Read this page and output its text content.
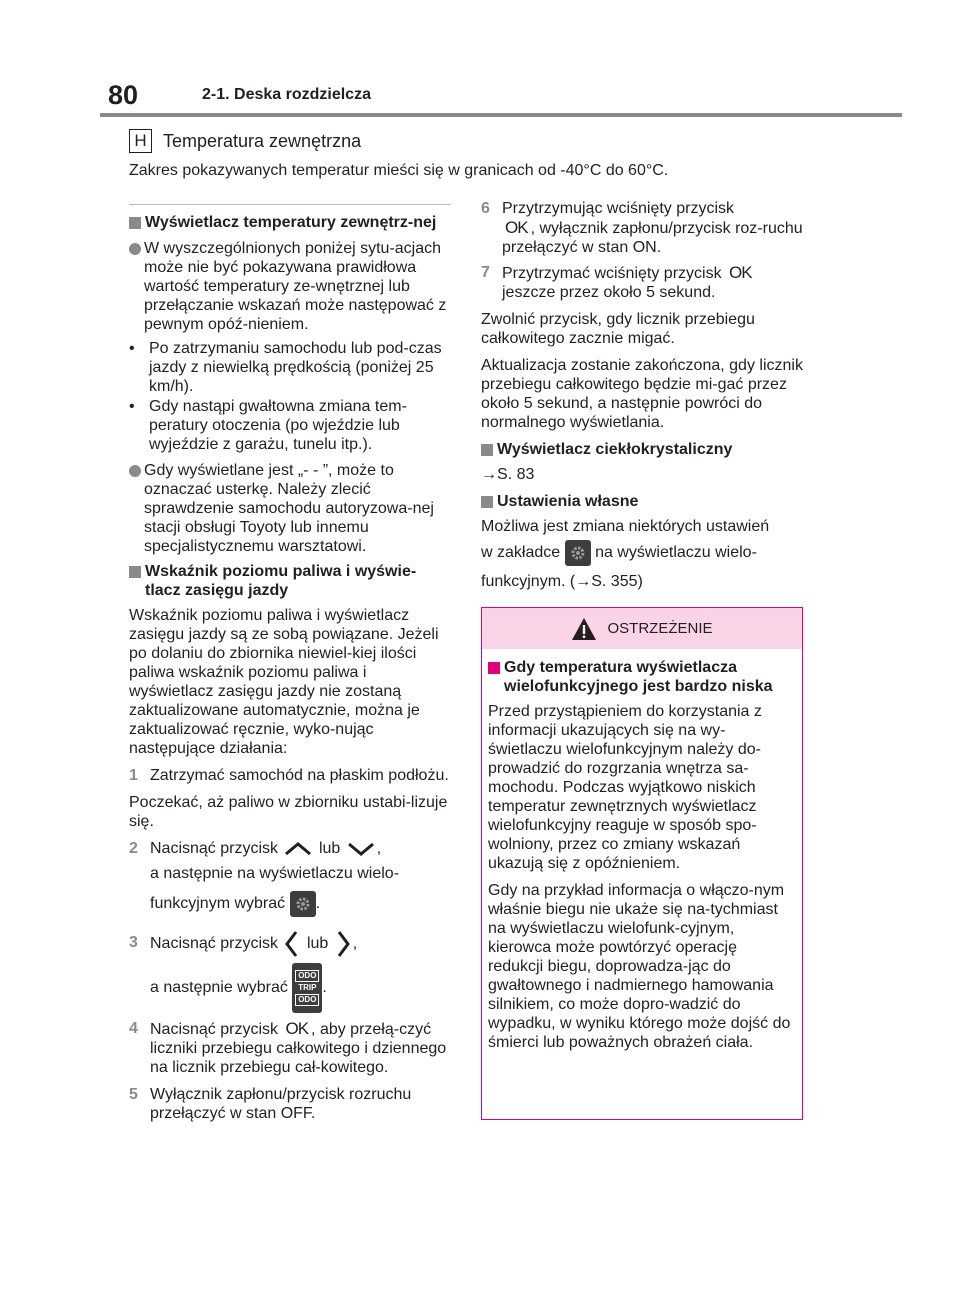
80	2-1. Deska rozdzielcza
H Temperatura zewnętrzna
Zakres pokazywanych temperatur mieści się w granicach od -40°C do 60°C.
Wyświetlacz temperatury zewnętrz-nej
W wyszczególnionych poniżej sytu-acjach może nie być pokazywana prawidłowa wartość temperatury ze-wnętrznej lub przełączanie wskazań może następować z pewnym opóź-nieniem.
• Po zatrzymaniu samochodu lub pod-czas jazdy z niewielką prędkością (poniżej 25 km/h).
• Gdy nastąpi gwałtowna zmiana tem-peratury otoczenia (po wjeździe lub wyjeździe z garażu, tunelu itp.).
Gdy wyświetlane jest „- - ”, może to oznaczać usterkę. Należy zlecić sprawdzenie samochodu autoryzowa-nej stacji obsługi Toyoty lub innemu specjalistycznemu warsztatowi.
Wskaźnik poziomu paliwa i wyświe-tlacz zasięgu jazdy

Wskaźnik poziomu paliwa i wyświetlacz zasięgu jazdy są ze sobą powiązane. Jeżeli po dolaniu do zbiornika niewiel-kiej ilości paliwa wskaźnik poziomu paliwa i wyświetlacz zasięgu jazdy nie zostaną zaktualizowane automatycznie, można je zaktualizować ręcznie, wyko-nując następujące działania:

1 Zatrzymać samochód na płaskim podłożu.

Poczekać, aż paliwo w zbiorniku ustabi-lizuje się.

2 Nacisnąć przycisk	lub ,
a następnie na wyświetlaczu wielo-
funkcyjnym wybrać .
3 Nacisnąć przycisk lub ,
a następnie wybrać
ODO
TRIP
ODO
.
4 Nacisnąć przycisk OK , aby przełą-czyć liczniki przebiegu całkowitego i dziennego na licznik przebiegu cał-kowitego.
5 Wyłącznik zapłonu/przycisk rozruchu przełączyć w stan OFF.
6 Przytrzymując wciśnięty przycisk
OK , wyłącznik zapłonu/przycisk roz-ruchu przełączyć w stan ON.
7 Przytrzymać wciśnięty przycisk OK
jeszcze przez około 5 sekund.

Zwolnić przycisk, gdy licznik przebiegu całkowitego zacznie migać.

Aktualizacja zostanie zakończona, gdy licznik przebiegu całkowitego będzie mi-gać przez około 5 sekund, a następnie powróci do normalnego wyświetlania.

Wyświetlacz ciekłokrystaliczny

→S. 83

Ustawienia własne
Możliwa jest zmiana niektórych ustawień
w zakładce na wyświetlaczu wielo-
funkcyjnym. (→S. 355)
OSTRZEŻENIE
Gdy temperatura wyświetlacza wielofunkcyjnego jest bardzo niska

Przed przystąpieniem do korzystania z informacji ukazujących się na wy-świetlaczu wielofunkcyjnym należy do-prowadzić do rozgrzania wnętrza sa-mochodu. Podczas wyjątkowo niskich temperatur zewnętrznych wyświetlacz wielofunkcyjny reaguje w sposób spo-wolniony, przez co zmiany wskazań ukazują się z opóźnieniem.

Gdy na przykład informacja o włączo-nym właśnie biegu nie ukaże się na-tychmiast na wyświetlaczu wielofunk-cyjnym, kierowca może powtórzyć operację redukcji biegu, doprowadza-jąc do gwałtownego i nadmiernego hamowania silnikiem, co może dopro-wadzić do wypadku, w wyniku którego może dojść do śmierci lub poważnych obrażeń ciała.
